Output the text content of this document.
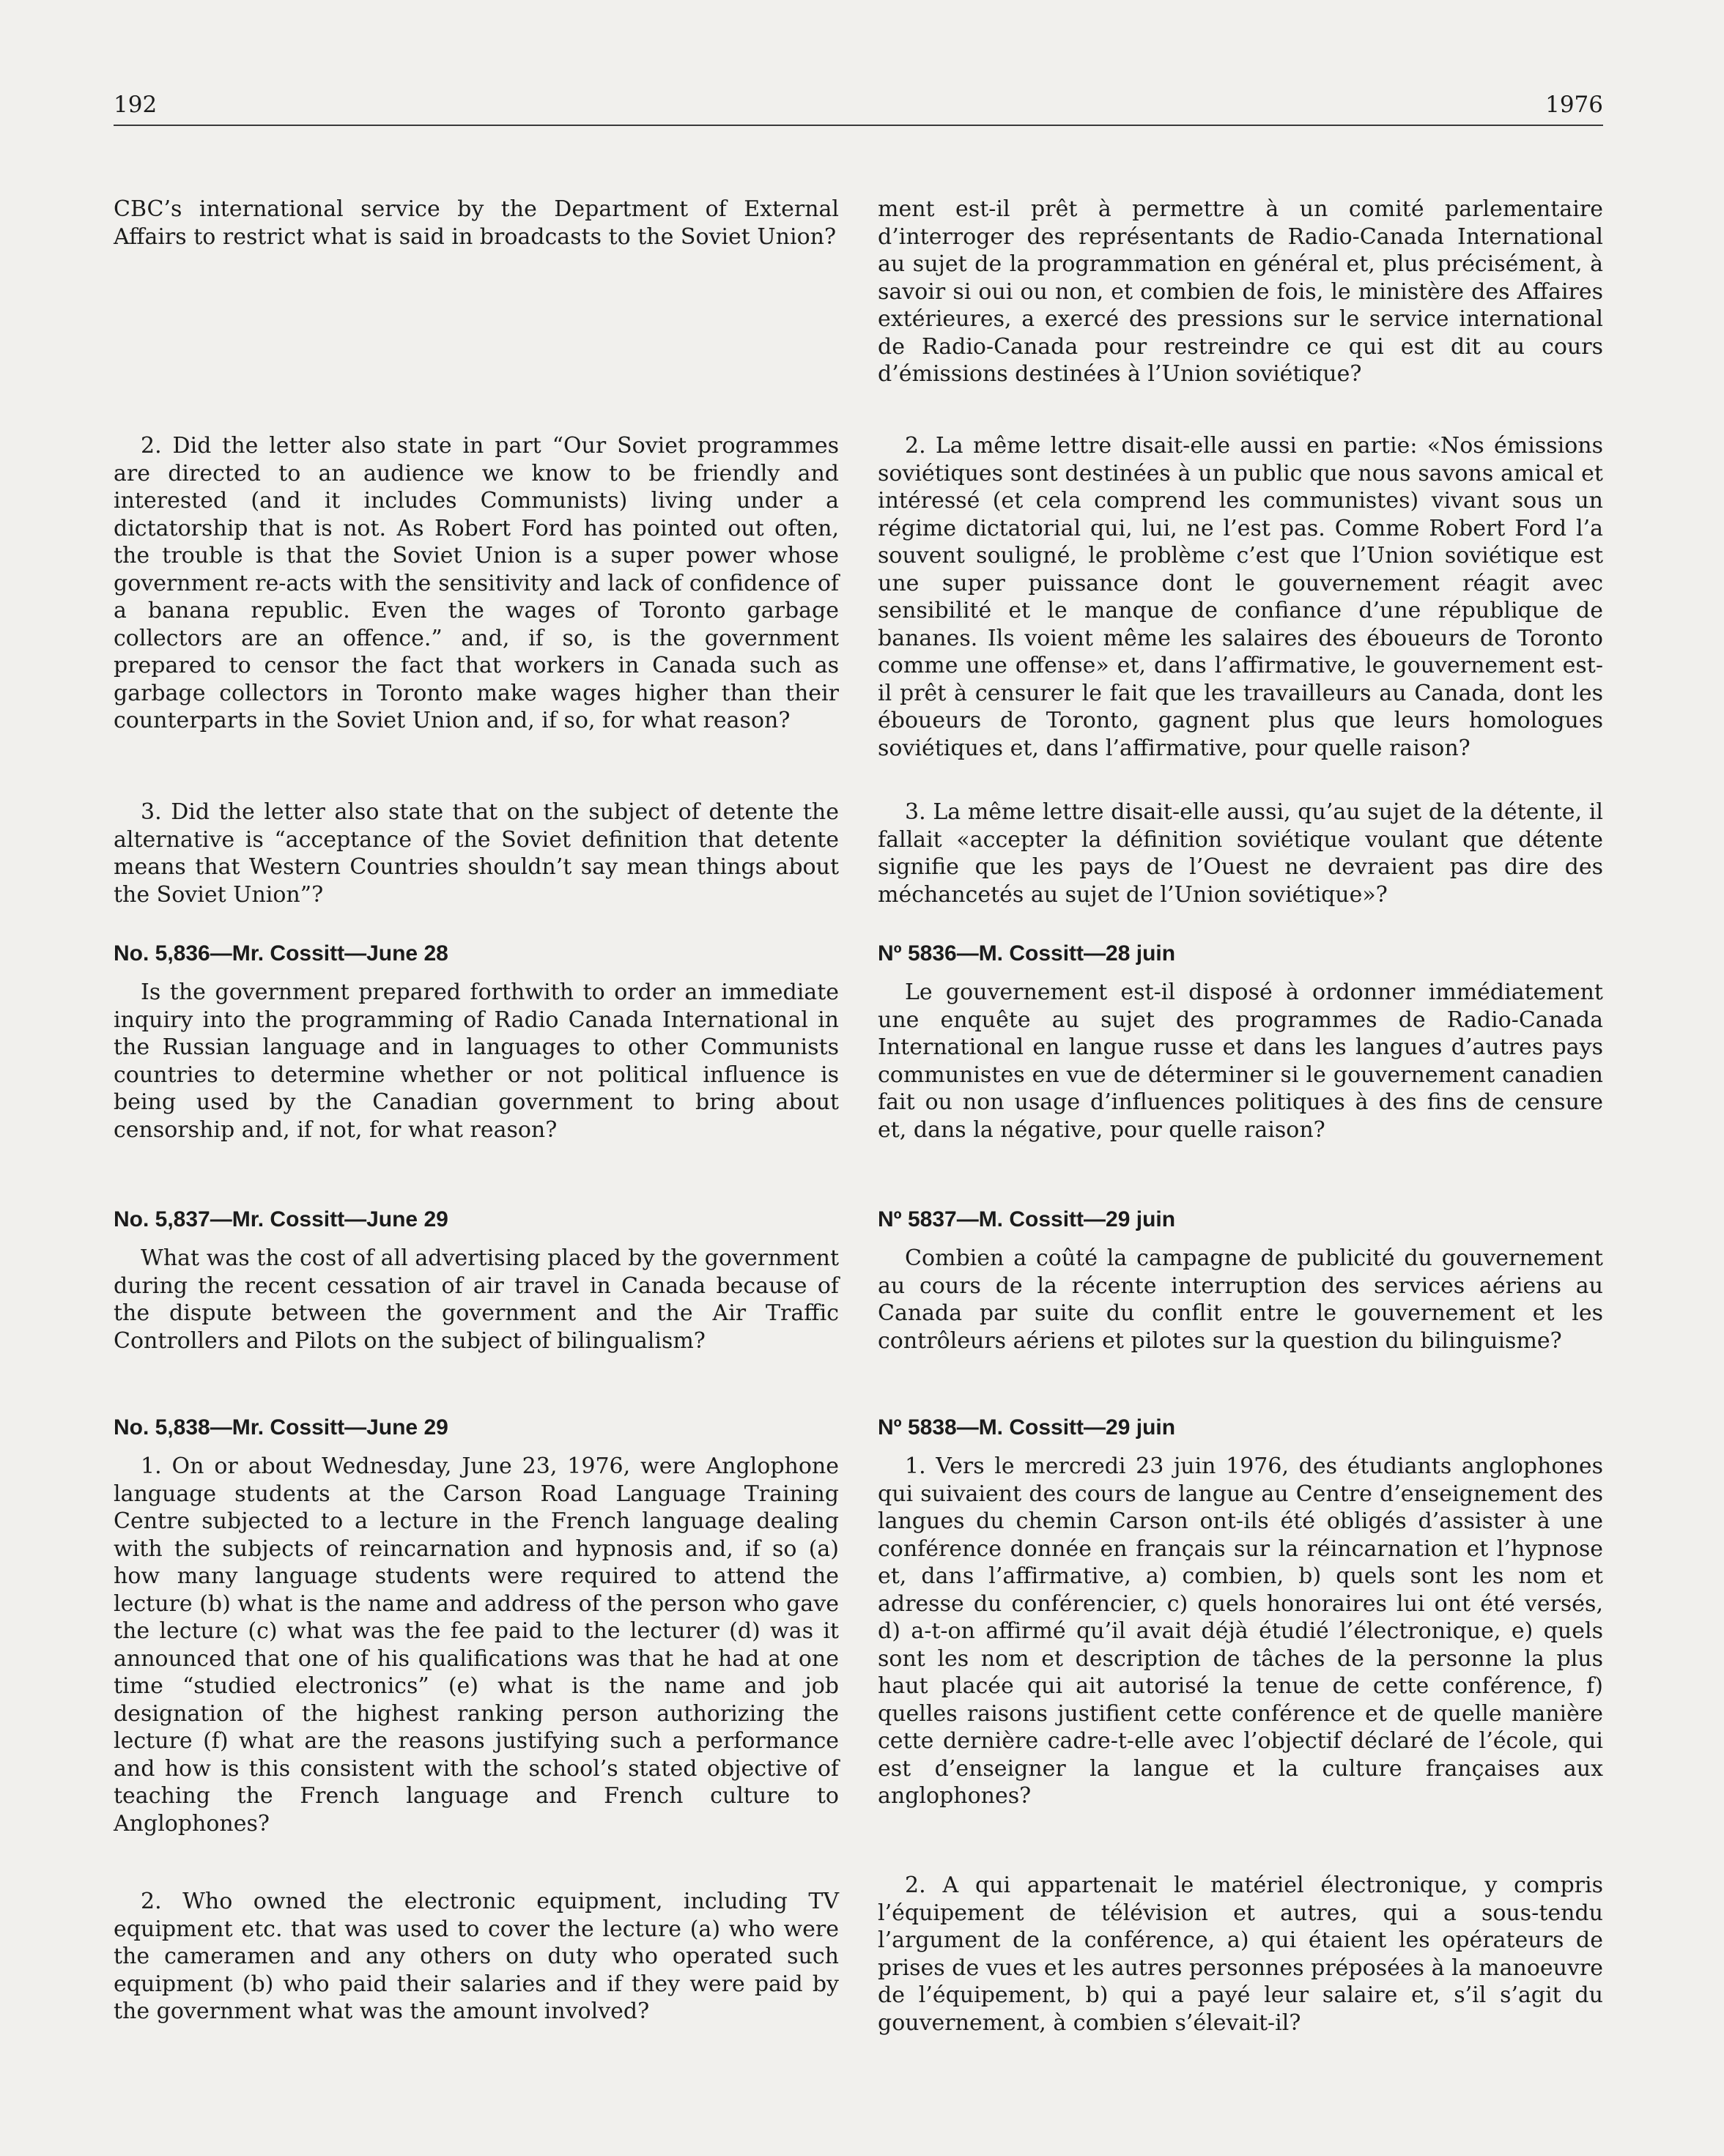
192	1976

CBC’s international service by the Department of External Affairs to restrict what is said in broadcasts to the Soviet Union?

2. Did the letter also state in part “Our Soviet programmes are directed to an audience we know to be friendly and interested (and it includes Communists) living under a dictatorship that is not. As Robert Ford has pointed out often, the trouble is that the Soviet Union is a super power whose government re-acts with the sensitivity and lack of confidence of a banana republic. Even the wages of Toronto garbage collectors are an offence.” and, if so, is the government prepared to censor the fact that workers in Canada such as garbage collectors in Toronto make wages higher than their counterparts in the Soviet Union and, if so, for what reason?

3. Did the letter also state that on the subject of detente the alternative is “acceptance of the Soviet definition that detente means that Western Countries shouldn’t say mean things about the Soviet Union”?

No. 5,836—Mr. Cossitt—June 28

Is the government prepared forthwith to order an immediate inquiry into the programming of Radio Canada International in the Russian language and in languages to other Communists countries to determine whether or not political influence is being used by the Canadian government to bring about censorship and, if not, for what reason?

No. 5,837—Mr. Cossitt—June 29

What was the cost of all advertising placed by the government during the recent cessation of air travel in Canada because of the dispute between the government and the Air Traffic Controllers and Pilots on the subject of bilingualism?

No. 5,838—Mr. Cossitt—June 29

1. On or about Wednesday, June 23, 1976, were Anglophone language students at the Carson Road Language Training Centre subjected to a lecture in the French language dealing with the subjects of reincarnation and hypnosis and, if so (a) how many language students were required to attend the lecture (b) what is the name and address of the person who gave the lecture (c) what was the fee paid to the lecturer (d) was it announced that one of his qualifications was that he had at one time “studied electronics” (e) what is the name and job designation of the highest ranking person authorizing the lecture (f) what are the reasons justifying such a performance and how is this consistent with the school’s stated objective of teaching the French language and French culture to Anglophones?

2. Who owned the electronic equipment, including TV equipment etc. that was used to cover the lecture (a) who were the cameramen and any others on duty who operated such equipment (b) who paid their salaries and if they were paid by the government what was the amount involved?

ment est-il prêt à permettre à un comité parlementaire d’interroger des représentants de Radio-Canada International au sujet de la programmation en général et, plus précisément, à savoir si oui ou non, et combien de fois, le ministère des Affaires extérieures, a exercé des pressions sur le service international de Radio-Canada pour restreindre ce qui est dit au cours d’émissions destinées à l’Union soviétique?

2. La même lettre disait-elle aussi en partie: «Nos émissions soviétiques sont destinées à un public que nous savons amical et intéressé (et cela comprend les communistes) vivant sous un régime dictatorial qui, lui, ne l’est pas. Comme Robert Ford l’a souvent souligné, le problème c’est que l’Union soviétique est une super puissance dont le gouvernement réagit avec sensibilité et le manque de confiance d’une république de bananes. Ils voient même les salaires des éboueurs de Toronto comme une offense» et, dans l’affirmative, le gouvernement est-il prêt à censurer le fait que les travailleurs au Canada, dont les éboueurs de Toronto, gagnent plus que leurs homologues soviétiques et, dans l’affirmative, pour quelle raison?

3. La même lettre disait-elle aussi, qu’au sujet de la détente, il fallait «accepter la définition soviétique voulant que détente signifie que les pays de l’Ouest ne devraient pas dire des méchancetés au sujet de l’Union soviétique»?

Nº 5836—M. Cossitt—28 juin

Le gouvernement est-il disposé à ordonner immédiatement une enquête au sujet des programmes de Radio-Canada International en langue russe et dans les langues d’autres pays communistes en vue de déterminer si le gouvernement canadien fait ou non usage d’influences politiques à des fins de censure et, dans la négative, pour quelle raison?

Nº 5837—M. Cossitt—29 juin

Combien a coûté la campagne de publicité du gouvernement au cours de la récente interruption des services aériens au Canada par suite du conflit entre le gouvernement et les contrôleurs aériens et pilotes sur la question du bilinguisme?

Nº 5838—M. Cossitt—29 juin

1. Vers le mercredi 23 juin 1976, des étudiants anglophones qui suivaient des cours de langue au Centre d’enseignement des langues du chemin Carson ont-ils été obligés d’assister à une conférence donnée en français sur la réincarnation et l’hypnose et, dans l’affirmative, a) combien, b) quels sont les nom et adresse du conférencier, c) quels honoraires lui ont été versés, d) a-t-on affirmé qu’il avait déjà étudié l’électronique, e) quels sont les nom et description de tâches de la personne la plus haut placée qui ait autorisé la tenue de cette conférence, f) quelles raisons justifient cette conférence et de quelle manière cette dernière cadre-t-elle avec l’objectif déclaré de l’école, qui est d’enseigner la langue et la culture françaises aux anglophones?

2. A qui appartenait le matériel électronique, y compris l’équipement de télévision et autres, qui a sous-tendu l’argument de la conférence, a) qui étaient les opérateurs de prises de vues et les autres personnes préposées à la manoeuvre de l’équipement, b) qui a payé leur salaire et, s’il s’agit du gouvernement, à combien s’élevait-il?
